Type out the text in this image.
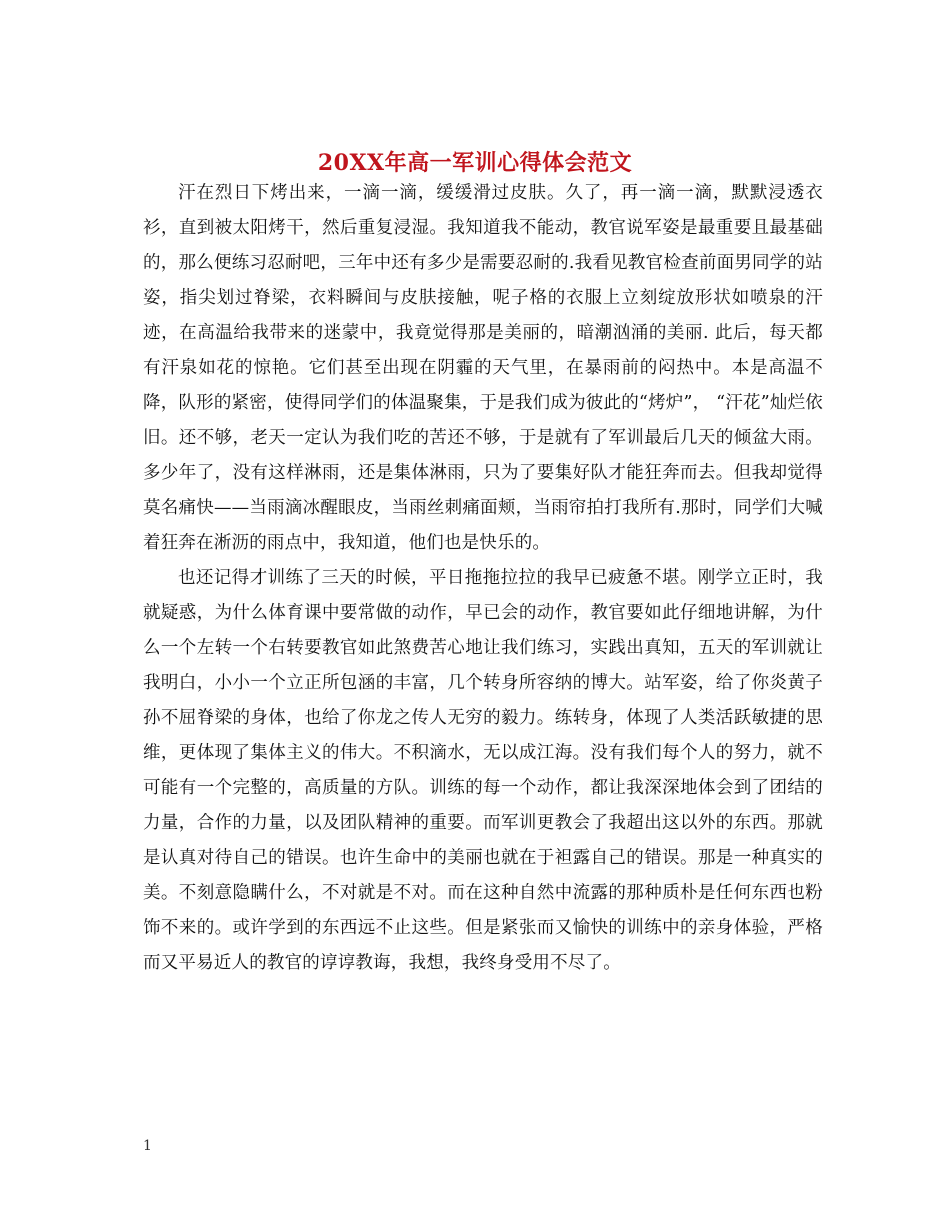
20XX年高一军训心得体会范文

汗在烈日下烤出来，一滴一滴，缓缓滑过皮肤。久了，再一滴一滴，默默浸透衣衫，直到被太阳烤干，然后重复浸湿。我知道我不能动，教官说军姿是最重要且最基础的，那么便练习忍耐吧，三年中还有多少是需要忍耐的.我看见教官检查前面男同学的站姿，指尖划过脊梁，衣料瞬间与皮肤接触，呢子格的衣服上立刻绽放形状如喷泉的汗迹，在高温给我带来的迷蒙中，我竟觉得那是美丽的，暗潮汹涌的美丽. 此后，每天都有汗泉如花的惊艳。它们甚至出现在阴霾的天气里，在暴雨前的闷热中。本是高温不降，队形的紧密，使得同学们的体温聚集，于是我们成为彼此的“烤炉”， “汗花”灿烂依旧。还不够，老天一定认为我们吃的苦还不够，于是就有了军训最后几天的倾盆大雨。多少年了，没有这样淋雨，还是集体淋雨，只为了要集好队才能狂奔而去。但我却觉得莫名痛快——当雨滴冰醒眼皮，当雨丝刺痛面颊，当雨帘拍打我所有.那时，同学们大喊着狂奔在淅沥的雨点中，我知道，他们也是快乐的。

也还记得才训练了三天的时候，平日拖拖拉拉的我早已疲惫不堪。刚学立正时，我就疑惑，为什么体育课中要常做的动作，早已会的动作，教官要如此仔细地讲解，为什么一个左转一个右转要教官如此煞费苦心地让我们练习，实践出真知，五天的军训就让我明白，小小一个立正所包涵的丰富，几个转身所容纳的博大。站军姿，给了你炎黄子孙不屈脊梁的身体，也给了你龙之传人无穷的毅力。练转身，体现了人类活跃敏捷的思维，更体现了集体主义的伟大。不积滴水，无以成江海。没有我们每个人的努力，就不可能有一个完整的，高质量的方队。训练的每一个动作，都让我深深地体会到了团结的力量，合作的力量，以及团队精神的重要。而军训更教会了我超出这以外的东西。那就是认真对待自己的错误。也许生命中的美丽也就在于袒露自己的错误。那是一种真实的美。不刻意隐瞒什么，不对就是不对。而在这种自然中流露的那种质朴是任何东西也粉饰不来的。或许学到的东西远不止这些。但是紧张而又愉快的训练中的亲身体验，严格而又平易近人的教官的谆谆教诲，我想，我终身受用不尽了。

1
